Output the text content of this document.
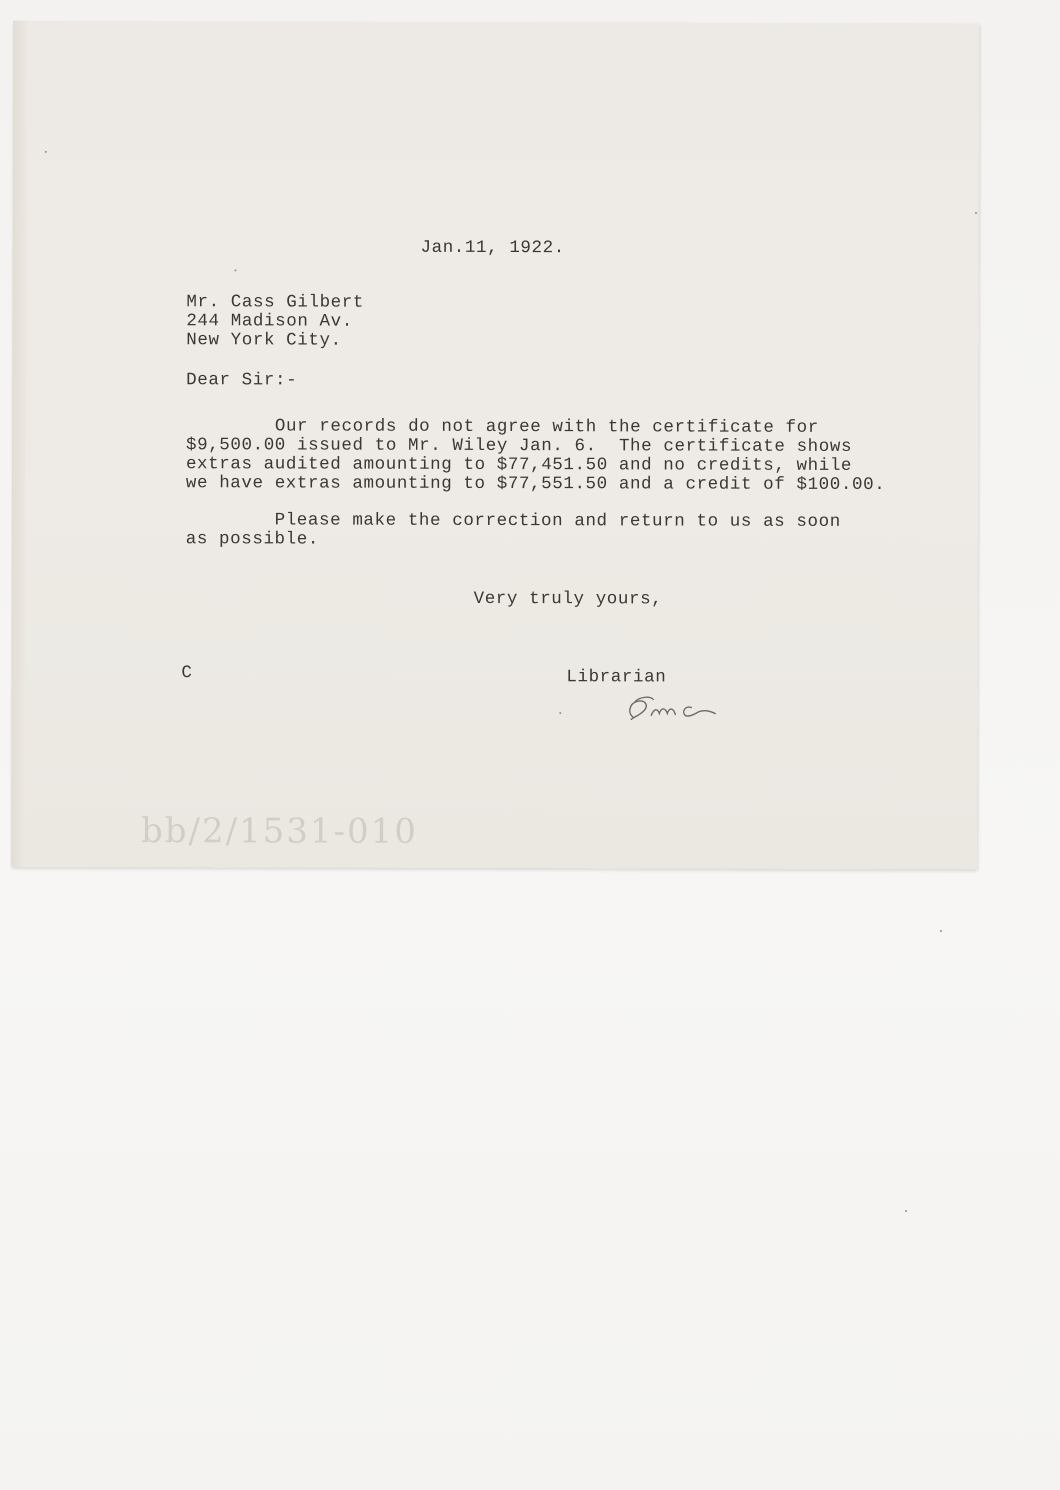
Jan.11, 1922.
Mr. Cass Gilbert
244 Madison Av.
New York City.
Dear Sir:-
Our records do not agree with the certificate for
$9,500.00 issued to Mr. Wiley Jan. 6.  The certificate shows
extras audited amounting to $77,451.50 and no credits, while
we have extras amounting to $77,551.50 and a credit of $100.00.
Please make the correction and return to us as soon
as possible.
Very truly yours,
C	Librarian
bb/2/1531-010
